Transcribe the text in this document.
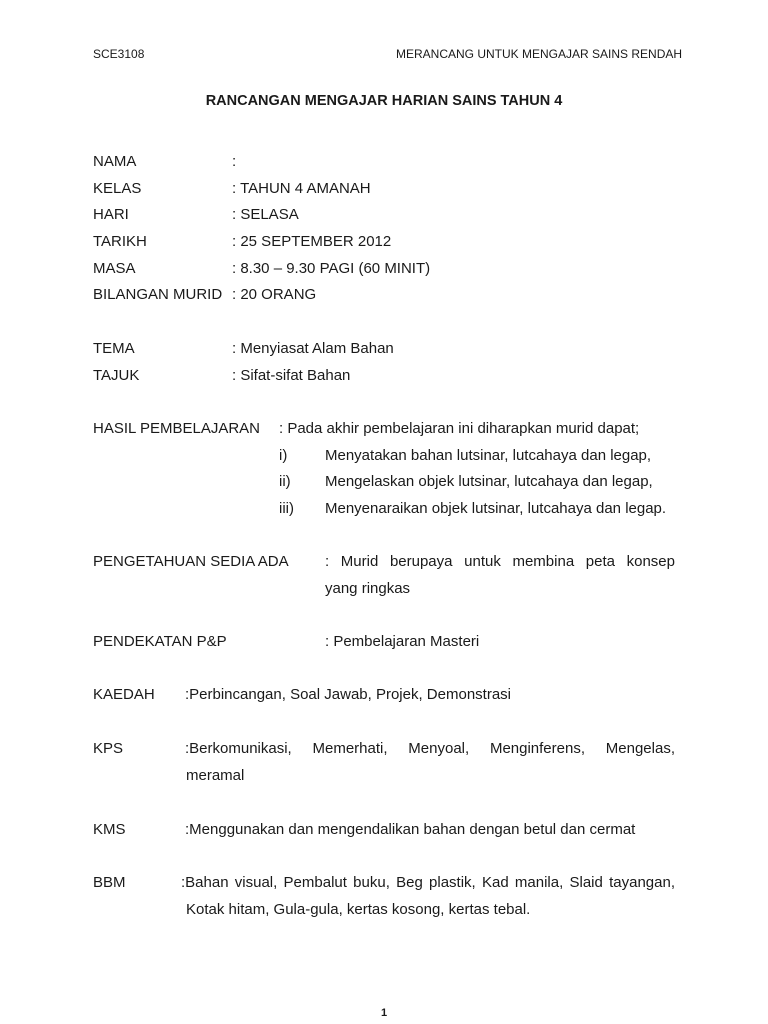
SCE3108	MERANCANG UNTUK MENGAJAR SAINS RENDAH
RANCANGAN MENGAJAR HARIAN SAINS TAHUN 4
NAMA	:
KELAS	: TAHUN 4 AMANAH
HARI	: SELASA
TARIKH	: 25 SEPTEMBER 2012
MASA	: 8.30 – 9.30 PAGI (60 MINIT)
BILANGAN MURID : 20 ORANG
TEMA	: Menyiasat Alam Bahan
TAJUK	: Sifat-sifat Bahan
HASIL PEMBELAJARAN : Pada akhir pembelajaran ini diharapkan murid dapat;
i)	Menyatakan bahan lutsinar, lutcahaya dan legap,
ii) Mengelaskan objek lutsinar, lutcahaya dan legap,
iii) Menyenaraikan objek lutsinar, lutcahaya dan legap.
PENGETAHUAN SEDIA ADA : Murid berupaya untuk membina peta konsep
yang ringkas
PENDEKATAN P&P	: Pembelajaran Masteri
KAEDAH :Perbincangan, Soal Jawab, Projek, Demonstrasi
KPS	:Berkomunikasi, Memerhati, Menyoal, Menginferens, Mengelas,
meramal
KMS	:Menggunakan dan mengendalikan bahan dengan betul dan cermat
BBM	:Bahan visual, Pembalut buku, Beg plastik, Kad manila, Slaid tayangan,
Kotak hitam, Gula-gula, kertas kosong, kertas tebal.
1
